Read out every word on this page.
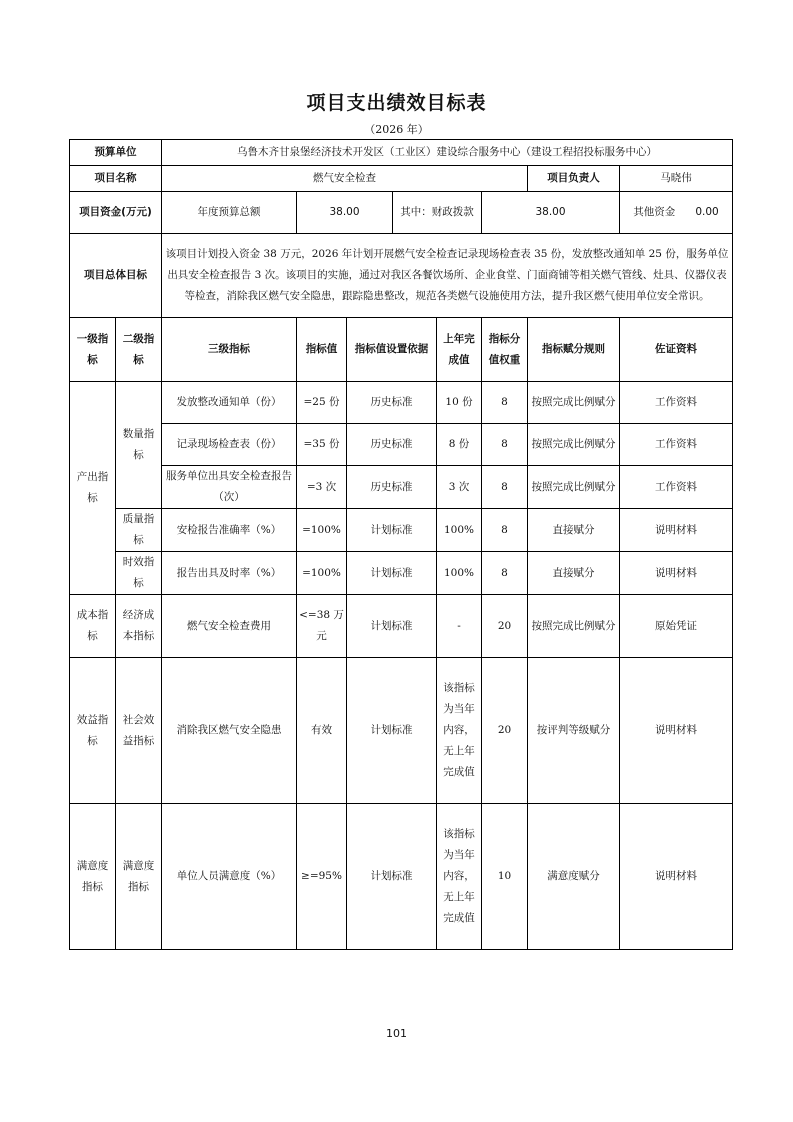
项目支出绩效目标表
（2026 年）
预算单位		乌鲁木齐甘泉堡经济技术开发区（工业区）建设综合服务中心（建设工程招投标服务中心）							
项目名称		燃气安全检查						项目负责人	马晓伟
项目资金(万元)		年度预算总额	38.00		其中：财政拨款		38.00		其他资金 0.00
项目总体目标		该项目计划投入资金 38 万元，2026 年计划开展燃气安全检查记录现场检查表 35 份，发放整改通知单 25 份，服务单位出具安全检查报告 3 次。该项目的实施，通过对我区各餐饮场所、企业食堂、门面商铺等相关燃气管线、灶具、仪器仪表等检查，消除我区燃气安全隐患，跟踪隐患整改，规范各类燃气设施使用方法，提升我区燃气使用单位安全常识。							
一级指标	二级指标	三级指标	指标值	指标值设置依据		上年完成值	指标分值权重	指标赋分规则	佐证资料
产出指标	数量指标	发放整改通知单（份）	=25 份	历史标准		10 份	8	按照完成比例赋分	工作资料
		记录现场检查表（份）	=35 份	历史标准		8 份	8	按照完成比例赋分	工作资料
		服务单位出具安全检查报告（次）	=3 次	历史标准		3 次	8	按照完成比例赋分	工作资料
	质量指标	安检报告准确率（%）	=100%	计划标准		100%	8	直接赋分	说明材料
	时效指标	报告出具及时率（%）	=100%	计划标准		100%	8	直接赋分	说明材料
成本指标	经济成本指标	燃气安全检查费用	<=38 万元	计划标准		-	20	按照完成比例赋分	原始凭证
效益指标	社会效益指标	消除我区燃气安全隐患	有效	计划标准		该指标为当年内容，无上年完成值	20	按评判等级赋分	说明材料
满意度指标	满意度指标	单位人员满意度（%）	≥=95%	计划标准		该指标为当年内容，无上年完成值	10	满意度赋分	说明材料
101
